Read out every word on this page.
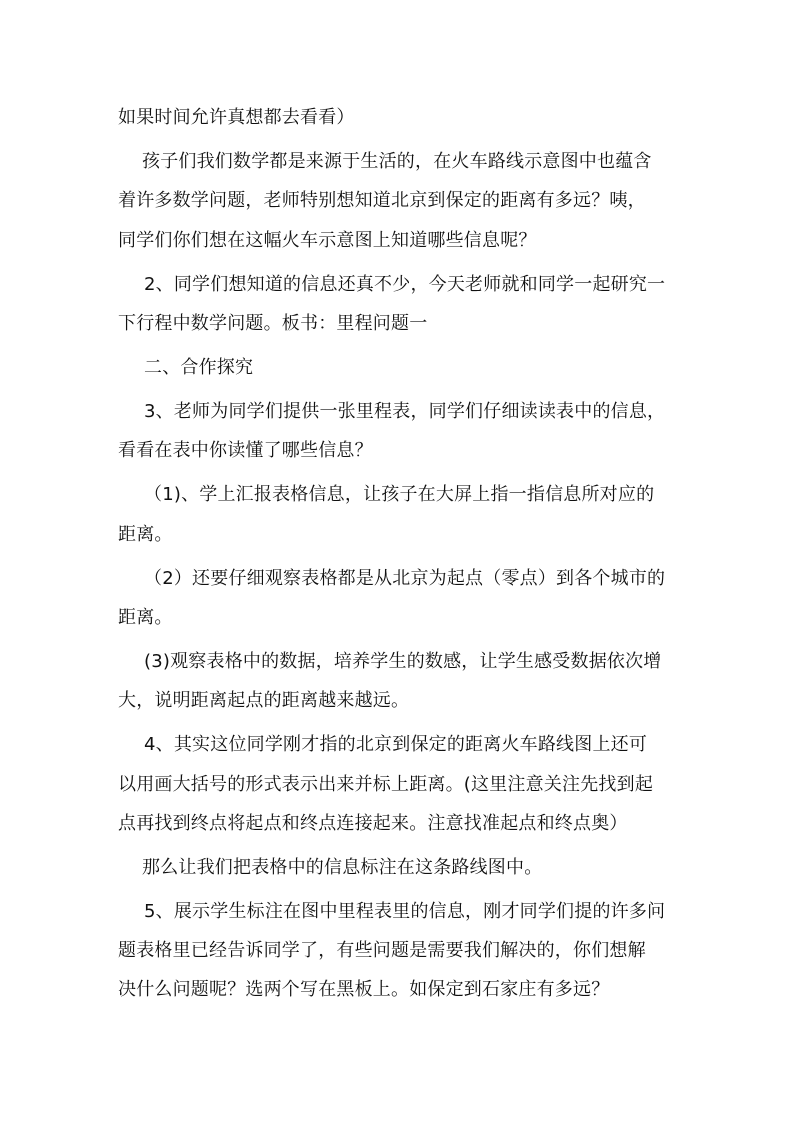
如果时间允许真想都去看看）
孩子们我们数学都是来源于生活的，在火车路线示意图中也蕴含
着许多数学问题，老师特别想知道北京到保定的距离有多远？咦，
同学们你们想在这幅火车示意图上知道哪些信息呢？
2、同学们想知道的信息还真不少，今天老师就和同学一起研究一
下行程中数学问题。板书：里程问题一
二、合作探究
3、老师为同学们提供一张里程表，同学们仔细读读表中的信息，
看看在表中你读懂了哪些信息？
（1)、学上汇报表格信息，让孩子在大屏上指一指信息所对应的
距离。
（2）还要仔细观察表格都是从北京为起点（零点）到各个城市的
距离。
(3)观察表格中的数据，培养学生的数感，让学生感受数据依次增
大，说明距离起点的距离越来越远。
4、其实这位同学刚才指的北京到保定的距离火车路线图上还可
以用画大括号的形式表示出来并标上距离。(这里注意关注先找到起
点再找到终点将起点和终点连接起来。注意找准起点和终点奥）
那么让我们把表格中的信息标注在这条路线图中。
5、展示学生标注在图中里程表里的信息，刚才同学们提的许多问
题表格里已经告诉同学了，有些问题是需要我们解决的，你们想解
决什么问题呢？选两个写在黑板上。如保定到石家庄有多远？
